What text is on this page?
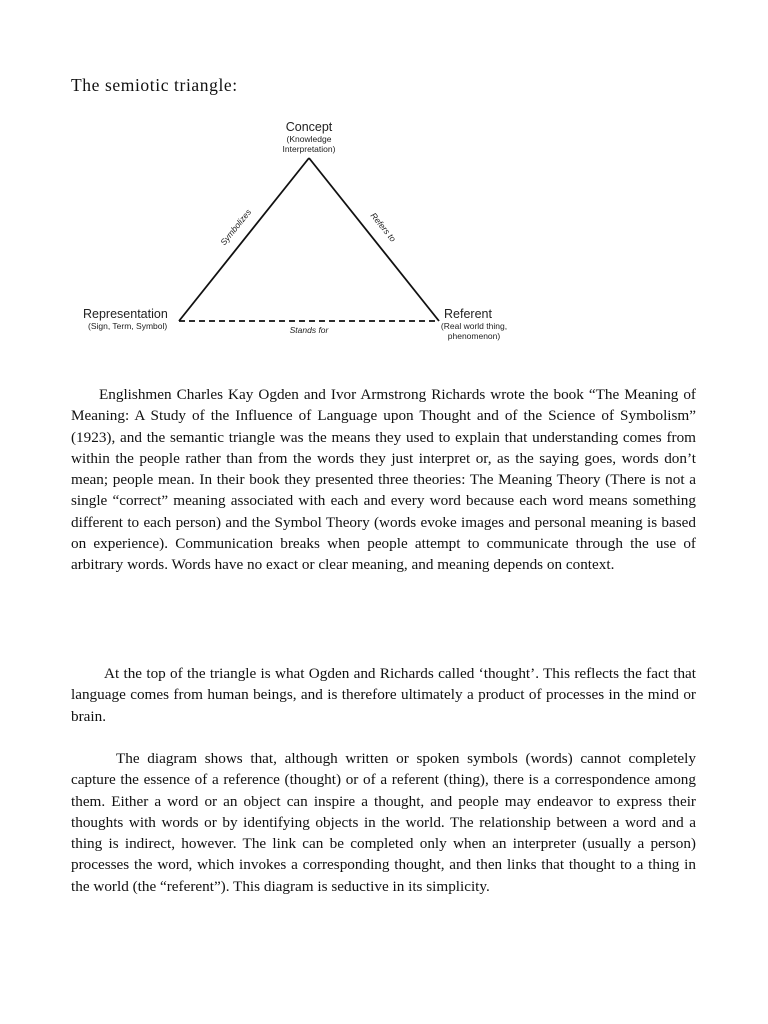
The semiotic triangle:
Concept
(Knowledge
Interpretation)
Representation
(Sign, Term, Symbol)
Referent
(Real world thing,
phenomenon)
Symbolizes	Refers to
Stands for

Englishmen Charles Kay Ogden and Ivor Armstrong Richards wrote the book “The Meaning of Meaning: A Study of the Influence of Language upon Thought and of the Science of Symbolism” (1923), and the semantic triangle was the means they used to explain that understanding comes from within the people rather than from the words they just interpret or, as the saying goes, words don’t mean; people mean. In their book they presented three theories: The Meaning Theory (There is not a single “correct” meaning associated with each and every word because each word means something different to each person) and the Symbol Theory (words evoke images and personal meaning is based on experience). Communication breaks when people attempt to communicate through the use of arbitrary words. Words have no exact or clear meaning, and meaning depends on context.

At the top of the triangle is what Ogden and Richards called ‘thought’. This reflects the fact that language comes from human beings, and is therefore ultimately a product of processes in the mind or brain.

The diagram shows that, although written or spoken symbols (words) cannot completely capture the essence of a reference (thought) or of a referent (thing), there is a correspondence among them. Either a word or an object can inspire a thought, and people may endeavor to express their thoughts with words or by identifying objects in the world. The relationship between a word and a thing is indirect, however. The link can be completed only when an interpreter (usually a person) processes the word, which invokes a corresponding thought, and then links that thought to a thing in the world (the “referent”). This diagram is seductive in its simplicity.
